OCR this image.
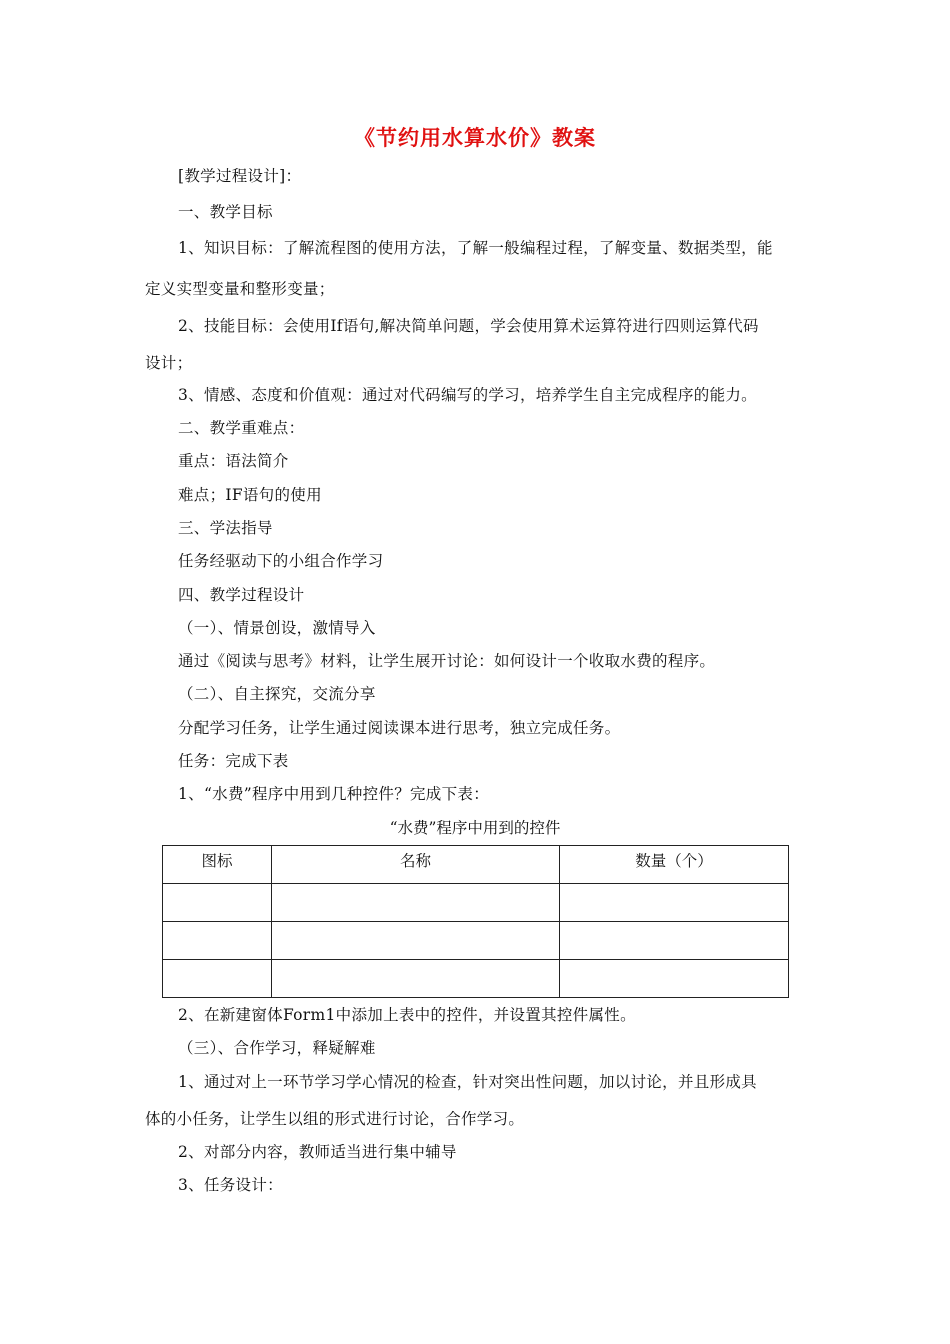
《节约用水算水价》教案
[教学过程设计]：
一、教学目标
1、知识目标：了解流程图的使用方法，了解一般编程过程，了解变量、数据类型，能
定义实型变量和整形变量；
2、技能目标：会使用If语句,解决简单问题，学会使用算术运算符进行四则运算代码
设计；
3、情感、态度和价值观：通过对代码编写的学习，培养学生自主完成程序的能力。
二、教学重难点：
重点：语法简介
难点；IF语句的使用
三、学法指导
任务经驱动下的小组合作学习
四、教学过程设计
（一）、情景创设，激情导入
通过《阅读与思考》材料，让学生展开讨论：如何设计一个收取水费的程序。
（二）、自主探究，交流分享
分配学习任务，让学生通过阅读课本进行思考，独立完成任务。
任务：完成下表
1、“水费”程序中用到几种控件？完成下表：
“水费”程序中用到的控件
图标	名称	数量（个）

2、在新建窗体Form1中添加上表中的控件，并设置其控件属性。
（三）、合作学习，释疑解难
1、通过对上一环节学习学心情况的检查，针对突出性问题，加以讨论，并且形成具
体的小任务，让学生以组的形式进行讨论，合作学习。
2、对部分内容，教师适当进行集中辅导
3、任务设计：
